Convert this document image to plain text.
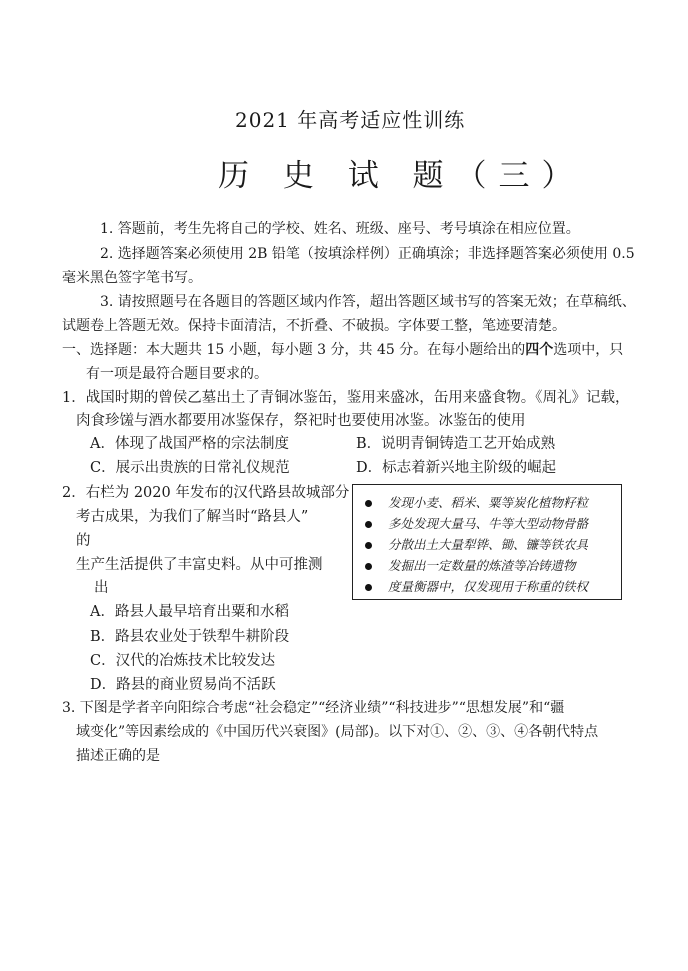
2021 年高考适应性训练
历 史 试 题（三）
1. 答题前，考生先将自己的学校、姓名、班级、座号、考号填涂在相应位置。
2. 选择题答案必须使用 2B 铅笔（按填涂样例）正确填涂；非选择题答案必须使用 0.5
毫米黑色签字笔书写。
3. 请按照题号在各题目的答题区域内作答，超出答题区域书写的答案无效；在草稿纸、
试题卷上答题无效。保持卡面清洁，不折叠、不破损。字体要工整，笔迹要清楚。
一、选择题：本大题共 15 小题，每小题 3 分，共 45 分。在每小题给出的四个选项中，只
有一项是最符合题目要求的。
1．战国时期的曾侯乙墓出土了青铜冰鉴缶，鉴用来盛冰，缶用来盛食物。《周礼》记载，
肉食珍馐与酒水都要用冰鉴保存，祭祀时也要使用冰鉴。冰鉴缶的使用
A．体现了战国严格的宗法制度	B．说明青铜铸造工艺开始成熟
C．展示出贵族的日常礼仪规范	D．标志着新兴地主阶级的崛起
2．右栏为 2020 年发布的汉代路县故城部分
考古成果，为我们了解当时“路县人”
的
生产生活提供了丰富史料。从中可推测
出
A．路县人最早培育出粟和水稻
B．路县农业处于铁犁牛耕阶段
C．汉代的冶炼技术比较发达
D．路县的商业贸易尚不活跃
发现小麦、稻米、粟等炭化植物籽粒
多处发现大量马、牛等大型动物骨骼
分散出土大量犁铧、锄、镰等铁农具
发掘出一定数量的炼渣等冶铸遗物
度量衡器中，仅发现用于称重的铁权
3. 下图是学者辛向阳综合考虑“社会稳定”“经济业绩”“科技进步”“思想发展”和“疆
域变化”等因素绘成的《中国历代兴衰图》(局部)。以下对①、②、③、④各朝代特点
描述正确的是
